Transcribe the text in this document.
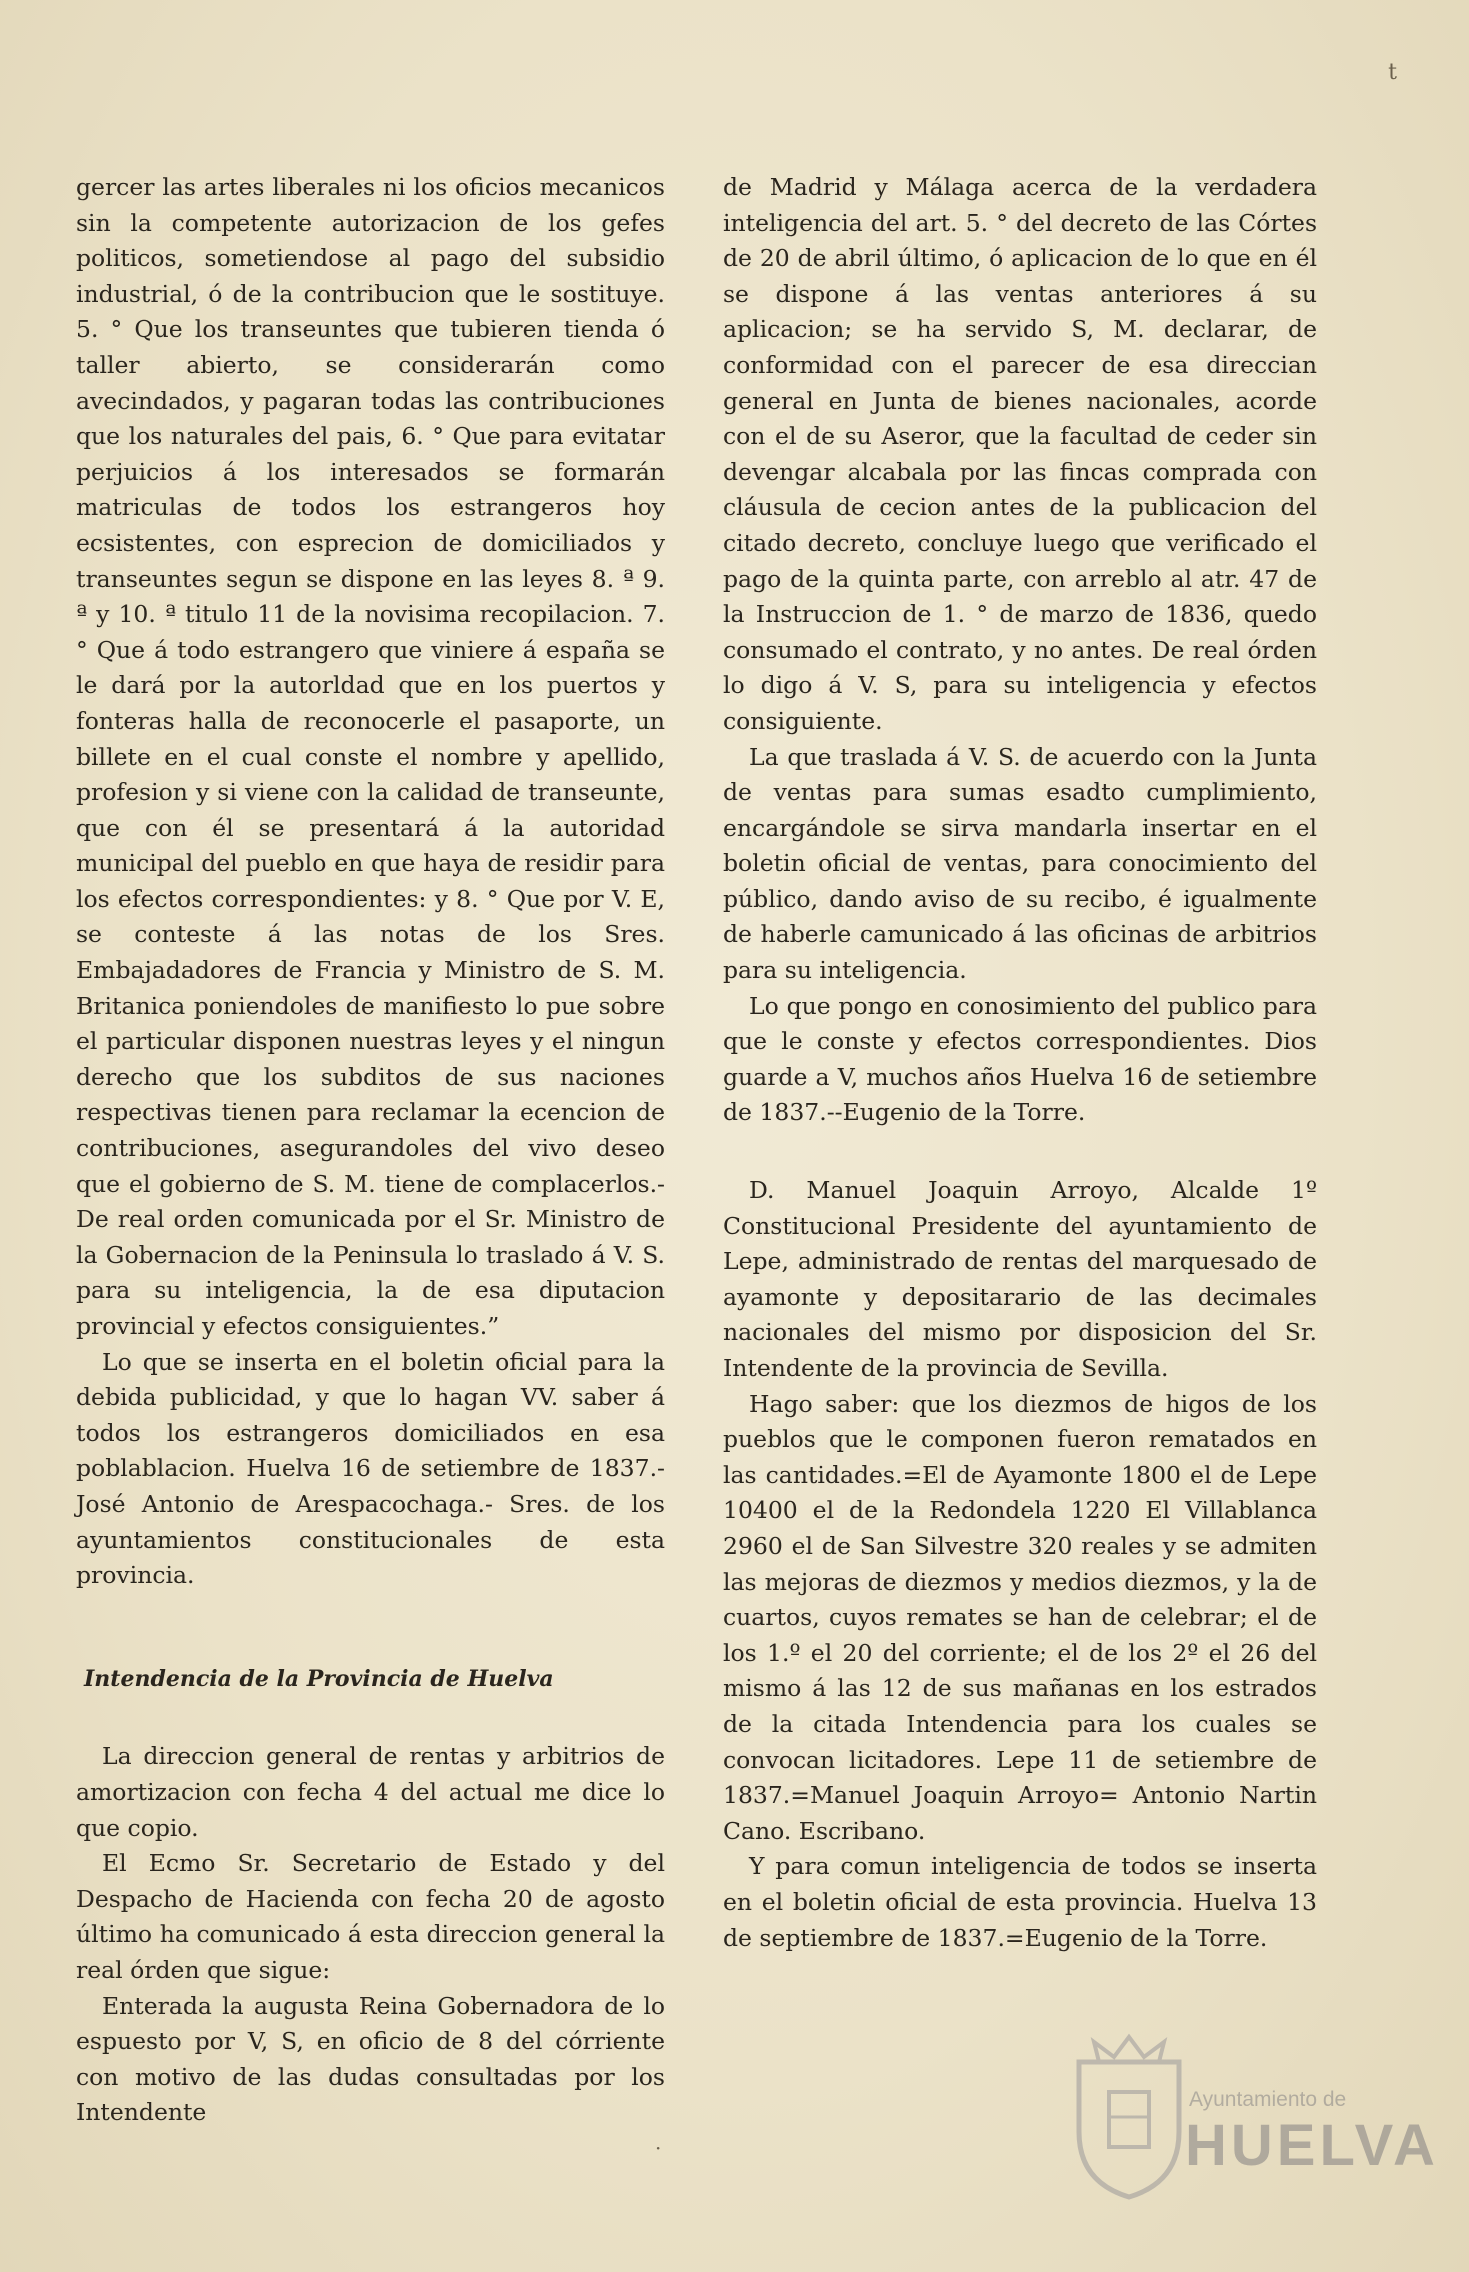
t

gercer las artes liberales ni los oficios mecanicos sin la competente autorizacion de los gefes politicos, sometiendose al pago del subsidio industrial, ó de la contribucion que le sostituye. 5. ° Que los transeuntes que tubieren tienda ó taller abierto, se considerarán como avecindados, y pagaran todas las contribuciones que los naturales del pais, 6. ° Que para evitatar perjuicios á los interesados se formarán matriculas de todos los estrangeros hoy ecsistentes, con esprecion de domiciliados y transeuntes segun se dispone en las leyes 8. ª 9. ª y 10. ª titulo 11 de la novisima recopilacion. 7. ° Que á todo estrangero que viniere á españa se le dará por la autorldad que en los puertos y fonteras halla de reconocerle el pasaporte, un billete en el cual conste el nombre y apellido, profesion y si viene con la calidad de transeunte, que con él se presentará á la autoridad municipal del pueblo en que haya de residir para los efectos correspondientes: y 8. ° Que por V. E, se conteste á las notas de los Sres. Embajadadores de Francia y Ministro de S. M. Britanica poniendoles de manifiesto lo pue sobre el particular disponen nuestras leyes y el ningun derecho que los subditos de sus naciones respectivas tienen para reclamar la ecencion de contribuciones, asegurandoles del vivo deseo que el gobierno de S. M. tiene de complacerlos.- De real orden comunicada por el Sr. Ministro de la Gobernacion de la Peninsula lo traslado á V. S. para su inteligencia, la de esa diputacion provincial y efectos consiguientes.”

Lo que se inserta en el boletin oficial para la debida publicidad, y que lo hagan VV. saber á todos los estrangeros domiciliados en esa poblablacion. Huelva 16 de setiembre de 1837.- José Antonio de Arespacochaga.- Sres. de los ayuntamientos constitucionales de esta provincia.

Intendencia de la Provincia de Huelva

La direccion general de rentas y arbitrios de amortizacion con fecha 4 del actual me dice lo que copio.

El Ecmo Sr. Secretario de Estado y del Despacho de Hacienda con fecha 20 de agosto último ha comunicado á esta direccion general la real órden que sigue:

Enterada la augusta Reina Gobernadora de lo espuesto por V, S, en oficio de 8 del córriente con motivo de las dudas consultadas por los Intendente

de Madrid y Málaga acerca de la verdadera inteligencia del art. 5. ° del decreto de las Córtes de 20 de abril último, ó aplicacion de lo que en él se dispone á las ventas anteriores á su aplicacion; se ha servido S, M. declarar, de conformidad con el parecer de esa direccian general en Junta de bienes nacionales, acorde con el de su Aseror, que la facultad de ceder sin devengar alcabala por las fincas comprada con cláusula de cecion antes de la publicacion del citado decreto, concluye luego que verificado el pago de la quinta parte, con arreblo al atr. 47 de la Instruccion de 1. ° de marzo de 1836, quedo consumado el contrato, y no antes. De real órden lo digo á V. S, para su inteligencia y efectos consiguiente.

La que traslada á V. S. de acuerdo con la Junta de ventas para sumas esadto cumplimiento, encargándole se sirva mandarla insertar en el boletin oficial de ventas, para conocimiento del público, dando aviso de su recibo, é igualmente de haberle camunicado á las oficinas de arbitrios para su inteligencia.

Lo que pongo en conosimiento del publico para que le conste y efectos correspondientes. Dios guarde a V, muchos años Huelva 16 de setiembre de 1837.--Eugenio de la Torre.

D. Manuel Joaquin Arroyo, Alcalde 1º Constitucional Presidente del ayuntamiento de Lepe, administrado de rentas del marquesado de ayamonte y depositarario de las decimales nacionales del mismo por disposicion del Sr. Intendente de la provincia de Sevilla.

Hago saber: que los diezmos de higos de los pueblos que le componen fueron rematados en las cantidades.=El de Ayamonte 1800 el de Lepe 10400 el de la Redondela 1220 El Villablanca 2960 el de San Silvestre 320 reales y se admiten las mejoras de diezmos y medios diezmos, y la de cuartos, cuyos remates se han de celebrar; el de los 1.º el 20 del corriente; el de los 2º el 26 del mismo á las 12 de sus mañanas en los estrados de la citada Intendencia para los cuales se convocan licitadores. Lepe 11 de setiembre de 1837.=Manuel Joaquin Arroyo= Antonio Nartin Cano. Escribano.

Y para comun inteligencia de todos se inserta en el boletin oficial de esta provincia. Huelva 13 de septiembre de 1837.=Eugenio de la Torre.

·
Ayuntamiento de
HUELVA
